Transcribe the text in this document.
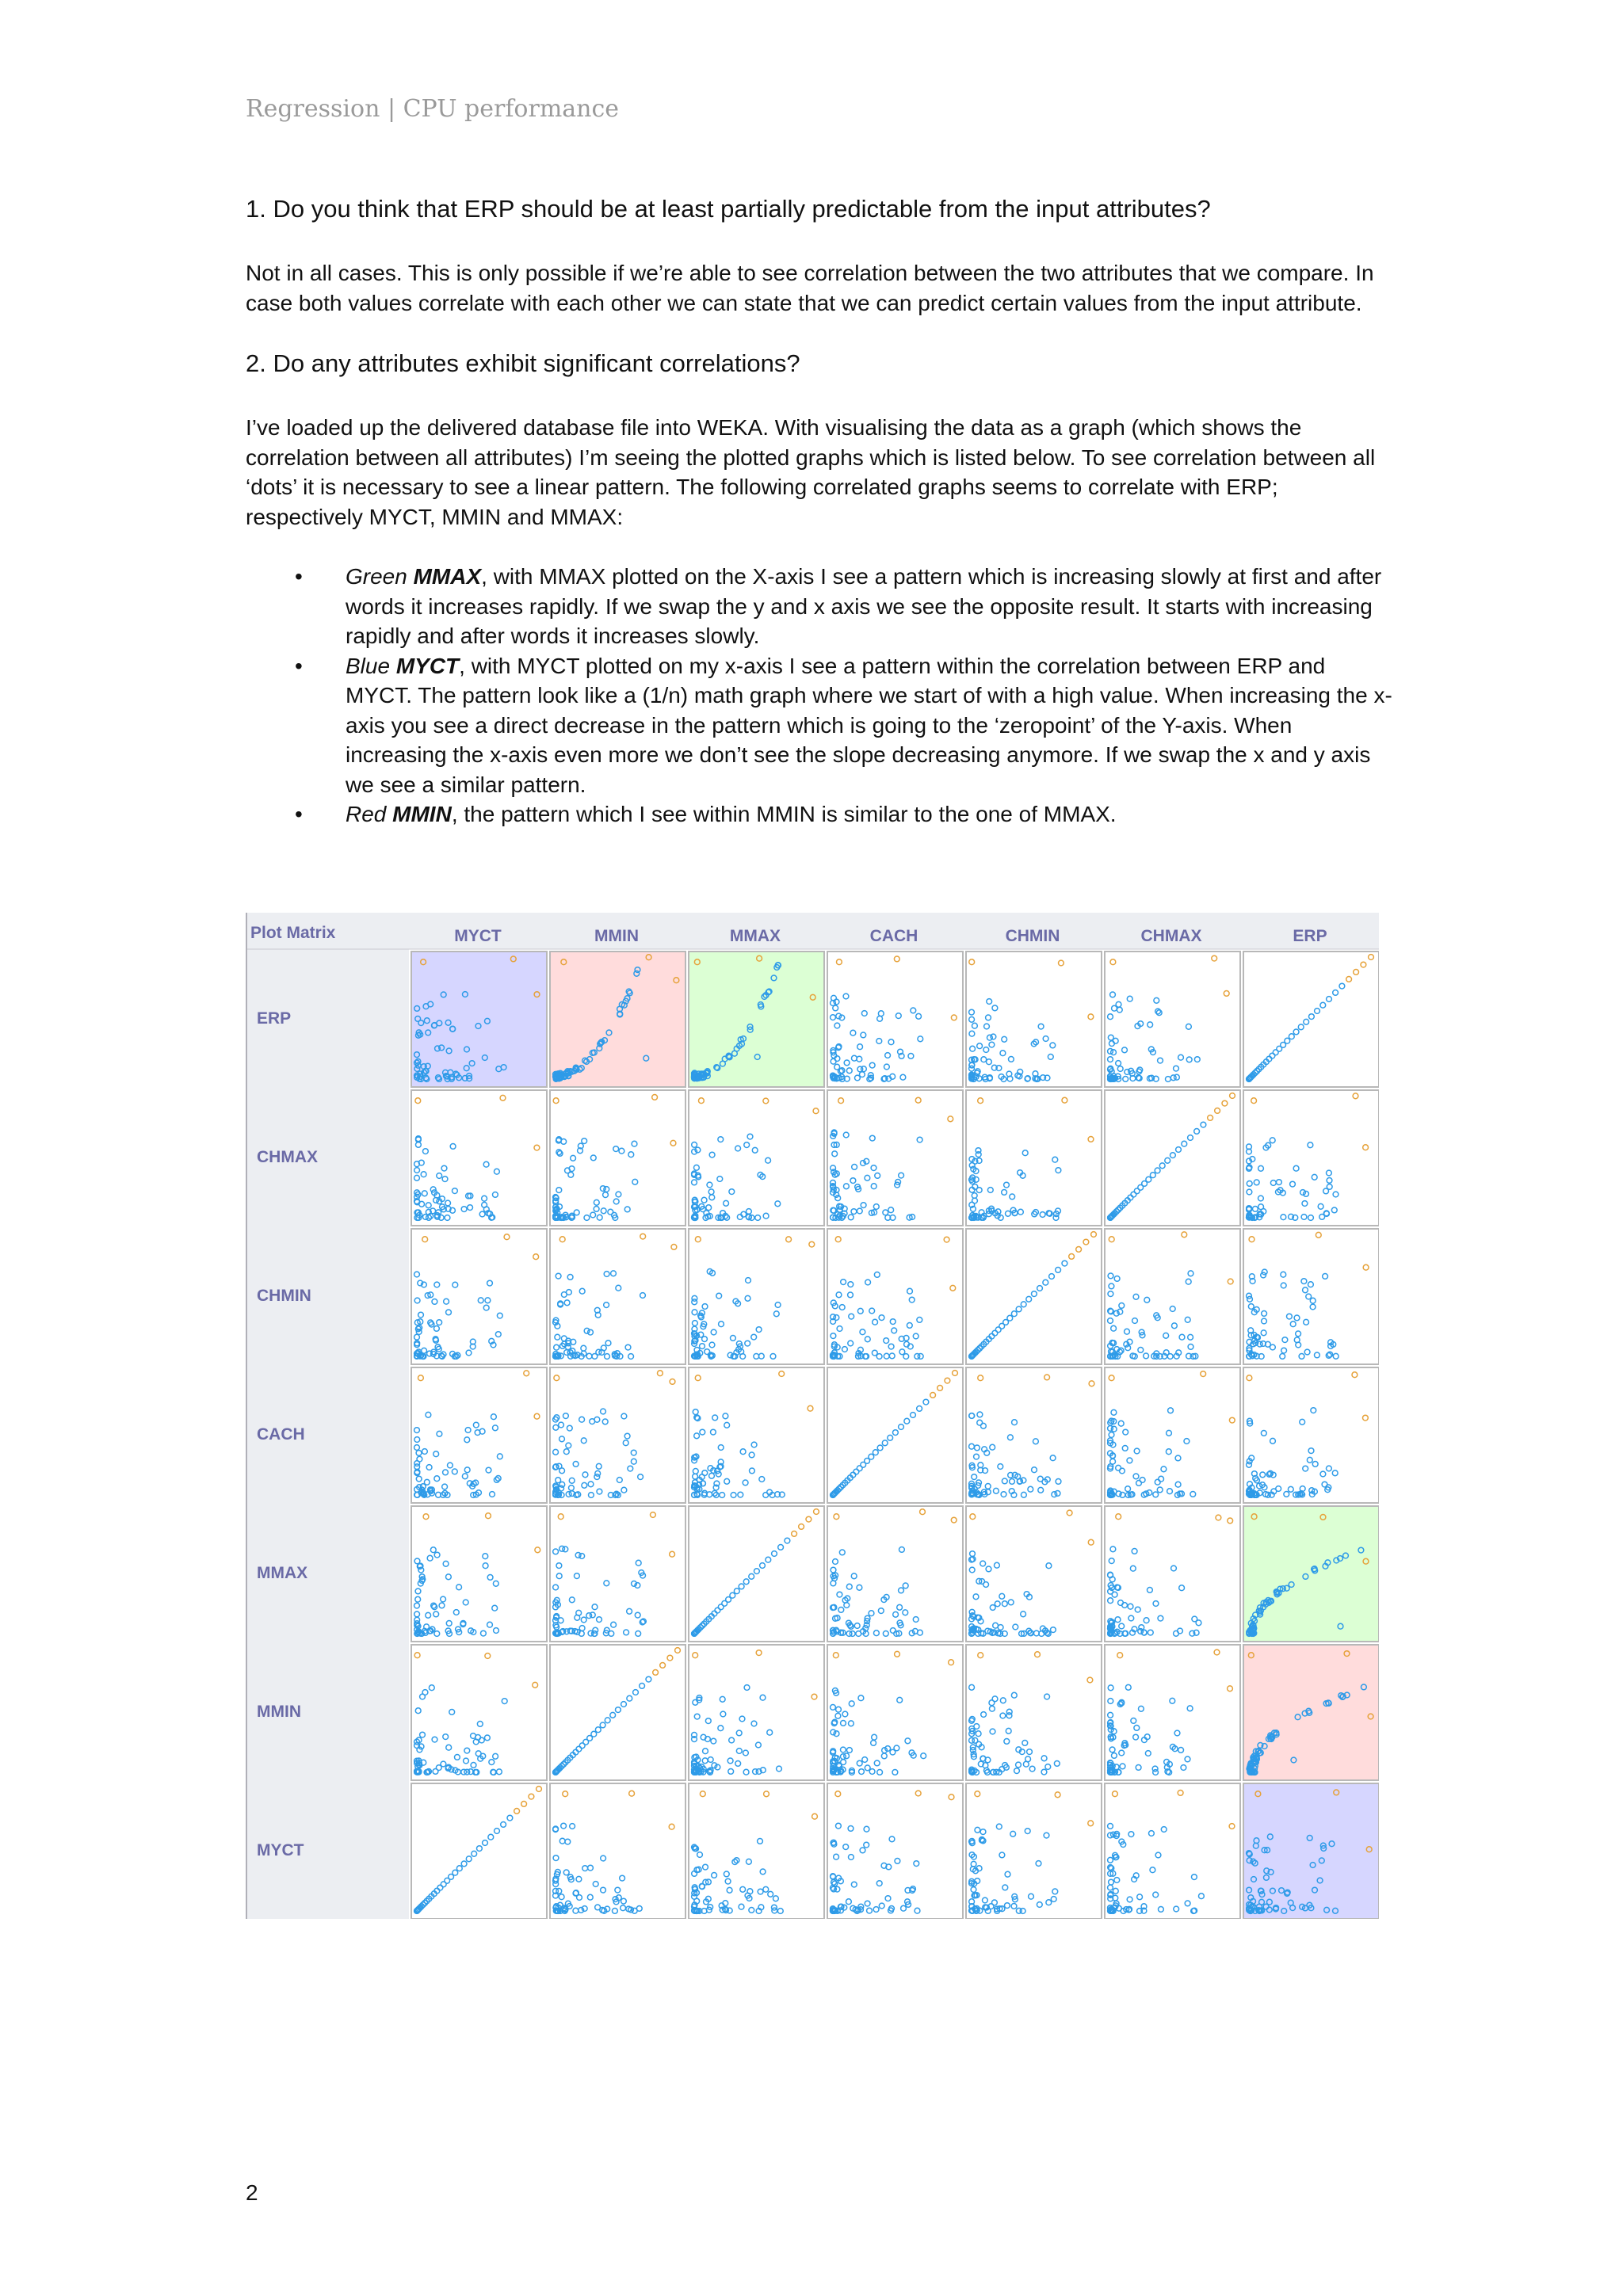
Regression | CPU performance
1. Do you think that ERP should be at least partially predictable from the input attributes?

Not in all cases. This is only possible if we’re able to see correlation between the two attributes that we compare. In case both values correlate with each other we can state that we can predict certain values from the input attribute.

2. Do any attributes exhibit significant correlations?

I’ve loaded up the delivered database file into WEKA. With visualising the data as a graph (which shows the correlation between all attributes) I’m seeing the plotted graphs which is listed below. To see correlation between all ‘dots’ it is necessary to see a linear pattern. The following correlated graphs seems to correlate with ERP; respectively MYCT, MMIN and MMAX:

• Green MMAX, with MMAX plotted on the X-axis I see a pattern which is increasing slowly at first and after words it increases rapidly. If we swap the y and x axis we see the opposite result. It starts with increasing rapidly and after words it increases slowly.
• Blue MYCT, with MYCT plotted on my x-axis I see a pattern within the correlation between ERP and MYCT. The pattern look like a (1/n) math graph where we start of with a high value. When increasing the x-axis you see a direct decrease in the pattern which is going to the ‘zeropoint’ of the Y-axis. When increasing the x-axis even more we don’t see the slope decreasing anymore. If we swap the x and y axis we see a similar pattern.
• Red MMIN, the pattern which I see within MMIN is similar to the one of MMAX.
Plot Matrix	MYCT	MMIN	MMAX	CACH	CHMIN	CHMAX	ERP
ERP
CHMAX
CHMIN
CACH
MMAX
MMIN
MYCT
2
